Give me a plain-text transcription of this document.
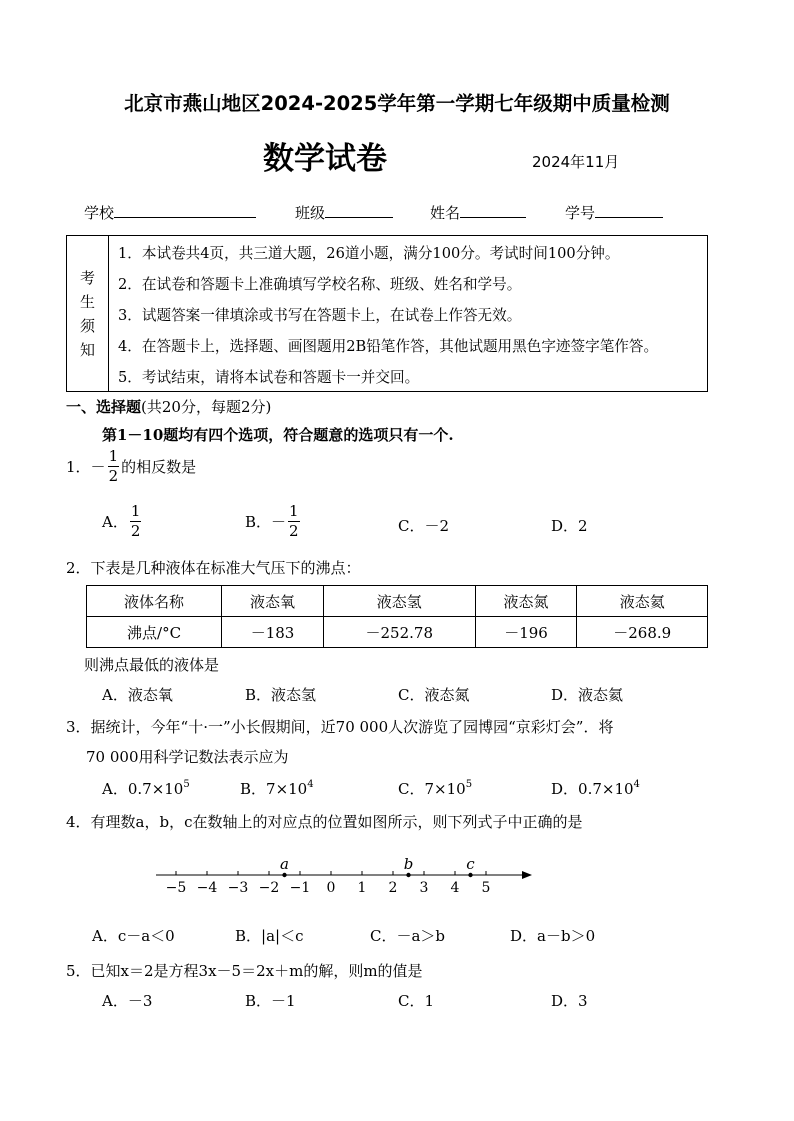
北京市燕山地区2024-2025学年第一学期七年级期中质量检测
数学试卷	2024年11月
学校	班级	姓名	学号
考
生
须
知
1．本试卷共4页，共三道大题，26道小题，满分100分。考试时间100分钟。
2．在试卷和答题卡上准确填写学校名称、班级、姓名和学号。
3．试题答案一律填涂或书写在答题卡上，在试卷上作答无效。
4．在答题卡上，选择题、画图题用2B铅笔作答，其他试题用黑色字迹签字笔作答。
5．考试结束，请将本试卷和答题卡一并交回。
一、选择题(共20分，每题2分)
第1－10题均有四个选项，符合题意的选项只有一个.
1． － $\frac{1}{2}$ 的相反数是
A． $\frac{1}{2}$	B． － $\frac{1}{2}$	C．－2	D．2
2．下表是几种液体在标准大气压下的沸点：
液体名称	液态氧	液态氢	液态氮	液态氦
沸点/°C	－183	－252.78	－196	－268.9
则沸点最低的液体是
A．液态氧	B．液态氢	C．液态氮	D．液态氦
3．据统计，今年“十·一”小长假期间，近70 000人次游览了园博园“京彩灯会”．将
70 000用科学记数法表示应为
A．$0.7\times 10^5$	B．$7\times 10^4$	C．$7\times 10^5$	D．$0.7\times 10^4$
4．有理数a，b，c在数轴上的对应点的位置如图所示，则下列式子中正确的是
−5 −4 −3 −2 −1 0 1 2 3 4 5
a	b	c
A．c－a＜0	B．|a|＜c	C．－a＞b	D．a－b＞0
5．已知x＝2是方程3x－5＝2x＋m的解，则m的值是
A．－3	B．－1	C．1	D．3
